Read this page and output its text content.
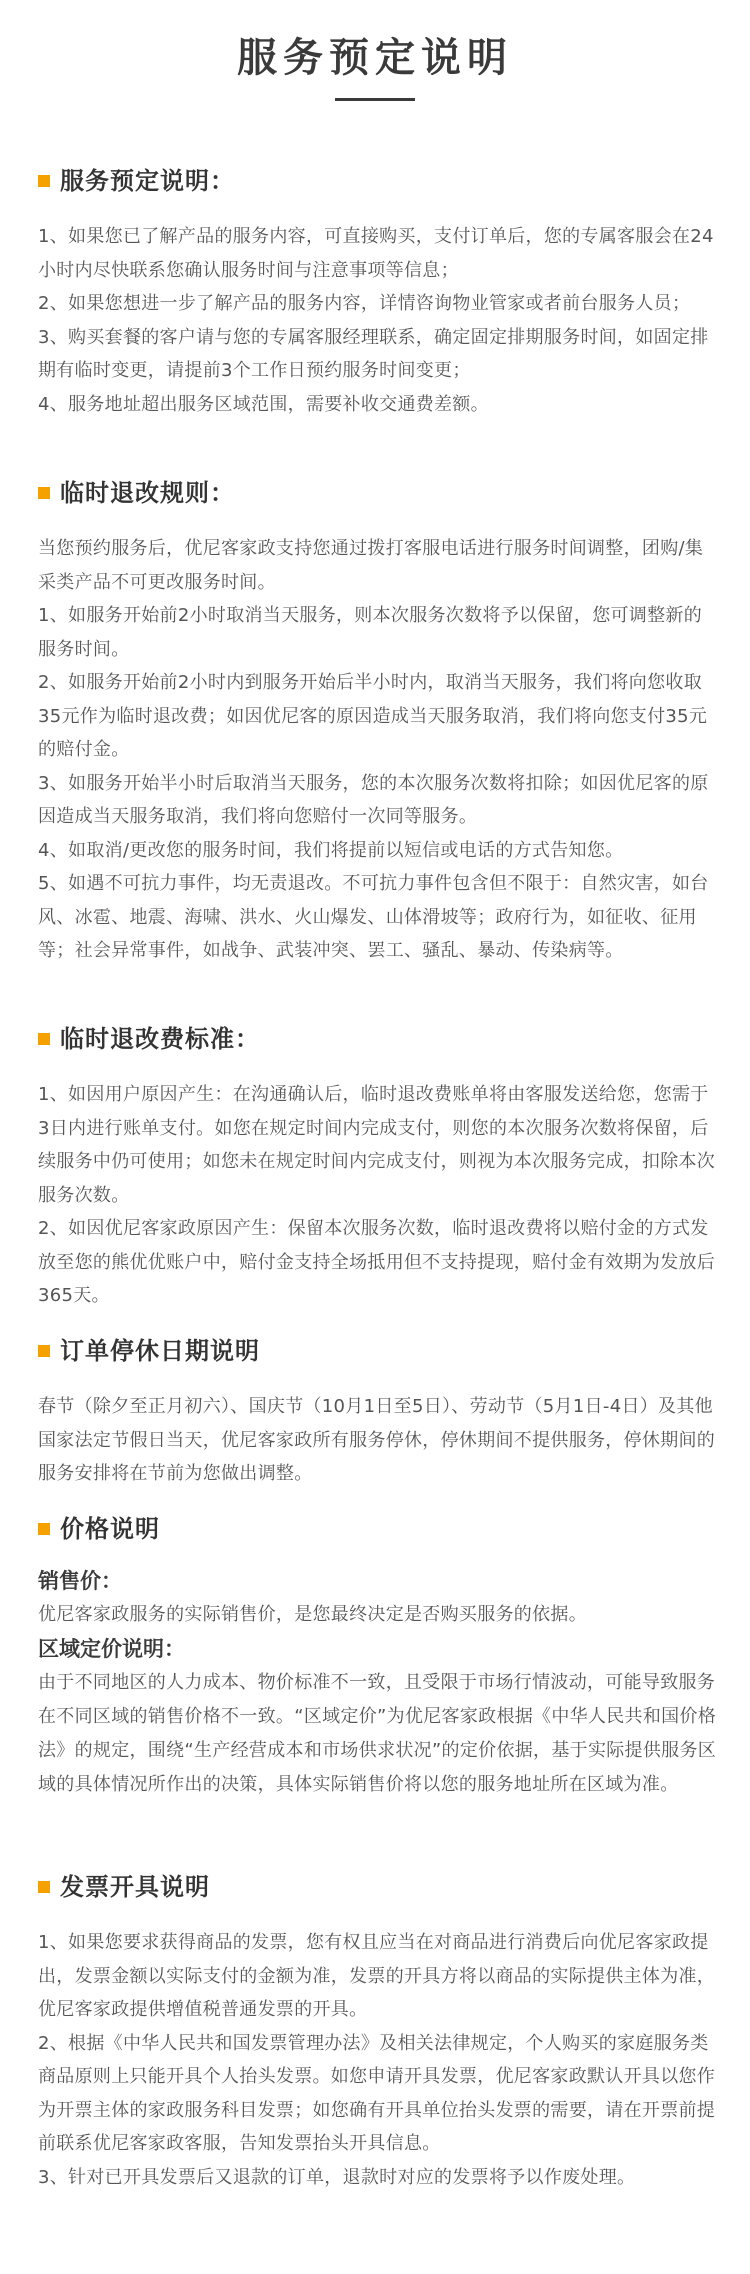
服务预定说明
服务预定说明：

1、如果您已了解产品的服务内容，可直接购买，支付订单后，您的专属客服会在24小时内尽快联系您确认服务时间与注意事项等信息；

2、如果您想进一步了解产品的服务内容，详情咨询物业管家或者前台服务人员；

3、购买套餐的客户请与您的专属客服经理联系，确定固定排期服务时间，如固定排期有临时变更，请提前3个工作日预约服务时间变更；

4、服务地址超出服务区域范围，需要补收交通费差额。

临时退改规则：

当您预约服务后，优尼客家政支持您通过拨打客服电话进行服务时间调整，团购/集采类产品不可更改服务时间。

1、如服务开始前2小时取消当天服务，则本次服务次数将予以保留，您可调整新的服务时间。

2、如服务开始前2小时内到服务开始后半小时内，取消当天服务，我们将向您收取35元作为临时退改费；如因优尼客的原因造成当天服务取消，我们将向您支付35元的赔付金。

3、如服务开始半小时后取消当天服务，您的本次服务次数将扣除；如因优尼客的原因造成当天服务取消，我们将向您赔付一次同等服务。

4、如取消/更改您的服务时间，我们将提前以短信或电话的方式告知您。

5、如遇不可抗力事件，均无责退改。不可抗力事件包含但不限于：自然灾害，如台风、冰雹、地震、海啸、洪水、火山爆发、山体滑坡等；政府行为，如征收、征用等；社会异常事件，如战争、武装冲突、罢工、骚乱、暴动、传染病等。

临时退改费标准：

1、如因用户原因产生：在沟通确认后，临时退改费账单将由客服发送给您，您需于3日内进行账单支付。如您在规定时间内完成支付，则您的本次服务次数将保留，后续服务中仍可使用；如您未在规定时间内完成支付，则视为本次服务完成，扣除本次服务次数。

2、如因优尼客家政原因产生：保留本次服务次数，临时退改费将以赔付金的方式发放至您的熊优优账户中，赔付金支持全场抵用但不支持提现，赔付金有效期为发放后365天。

订单停休日期说明

春节（除夕至正月初六）、国庆节（10月1日至5日）、劳动节（5月1日-4日）及其他国家法定节假日当天，优尼客家政所有服务停休，停休期间不提供服务，停休期间的服务安排将在节前为您做出调整。

价格说明

销售价：

优尼客家政服务的实际销售价，是您最终决定是否购买服务的依据。

区域定价说明：

由于不同地区的人力成本、物价标准不一致，且受限于市场行情波动，可能导致服务在不同区域的销售价格不一致。“区域定价”为优尼客家政根据《中华人民共和国价格法》的规定，围绕“生产经营成本和市场供求状况”的定价依据，基于实际提供服务区域的具体情况所作出的决策，具体实际销售价将以您的服务地址所在区域为准。

发票开具说明

1、如果您要求获得商品的发票，您有权且应当在对商品进行消费后向优尼客家政提出，发票金额以实际支付的金额为准，发票的开具方将以商品的实际提供主体为准，优尼客家政提供增值税普通发票的开具。

2、根据《中华人民共和国发票管理办法》及相关法律规定，个人购买的家庭服务类商品原则上只能开具个人抬头发票。如您申请开具发票，优尼客家政默认开具以您作为开票主体的家政服务科目发票；如您确有开具单位抬头发票的需要，请在开票前提前联系优尼客家政客服，告知发票抬头开具信息。

3、针对已开具发票后又退款的订单，退款时对应的发票将予以作废处理。
